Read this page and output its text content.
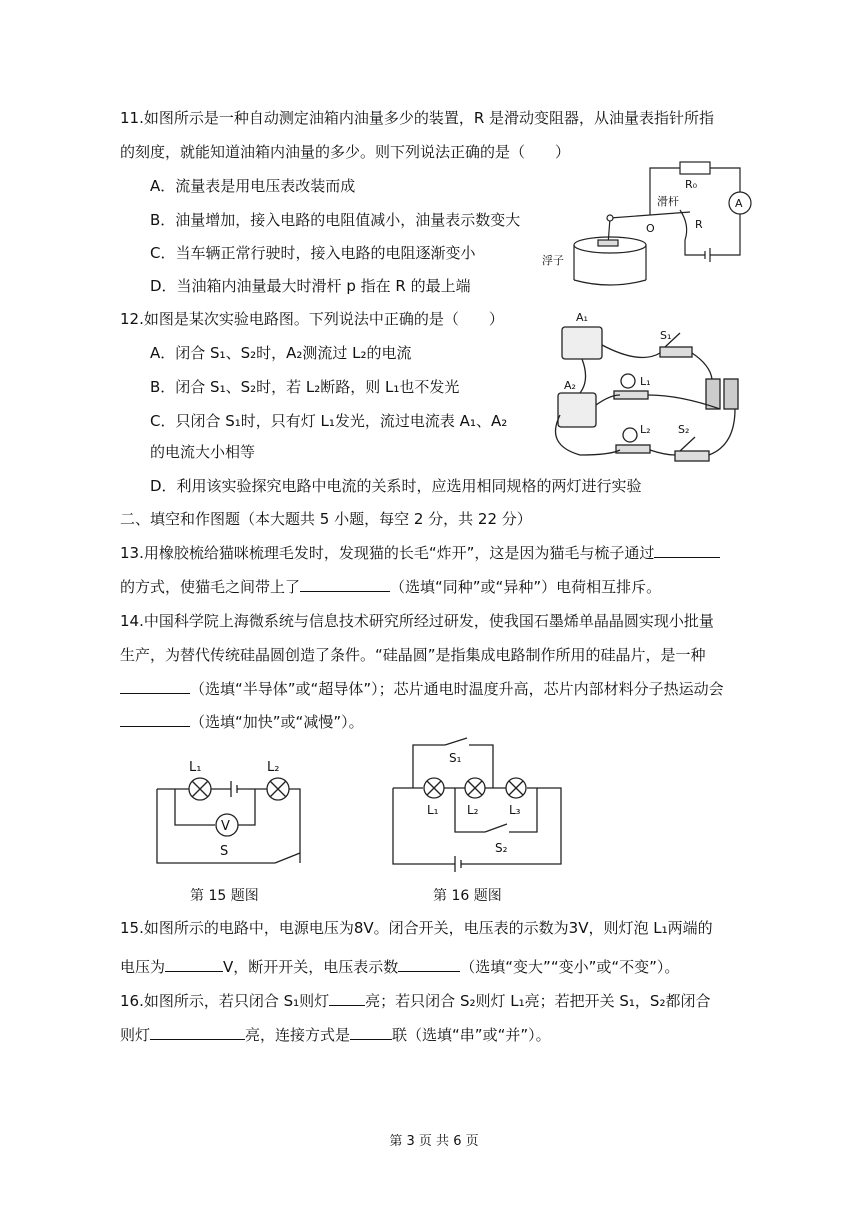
11.如图所示是一种自动测定油箱内油量多少的装置，R 是滑动变阻器，从油量表指针所指
的刻度，就能知道油箱内油量的多少。则下列说法正确的是（　　）
A．流量表是用电压表改装而成
B．油量增加，接入电路的电阻值减小，油量表示数变大
C．当车辆正常行驶时，接入电路的电阻逐渐变小
D．当油箱内油量最大时滑杆 p 指在 R 的最上端
R₀
A
滑杆
O	R
浮子
12.如图是某次实验电路图。下列说法中正确的是（　　）
A．闭合 S₁、S₂时，A₂测流过 L₂的电流
B．闭合 S₁、S₂时，若 L₂断路，则 L₁也不发光
C．只闭合 S₁时，只有灯 L₁发光，流过电流表 A₁、A₂
的电流大小相等
D．利用该实验探究电路中电流的关系时，应选用相同规格的两灯进行实验
A₁
A₂
S₁
S₂
L₁
L₂
二、填空和作图题（本大题共 5 小题，每空 2 分，共 22 分）
13.用橡胶梳给猫咪梳理毛发时，发现猫的长毛“炸开”，这是因为猫毛与梳子通过
的方式，使猫毛之间带上了	（选填“同种”或“异种”）电荷相互排斥。
14.中国科学院上海微系统与信息技术研究所经过研发，使我国石墨烯单晶晶圆实现小批量
生产，为替代传统硅晶圆创造了条件。“硅晶圆”是指集成电路制作所用的硅晶片，是一种
（选填“半导体”或“超导体”）；芯片通电时温度升高，芯片内部材料分子热运动会
（选填“加快”或“减慢”）。
L₁	L₂
V
S
第 15 题图
S₁
L₁ L₂	L₃
S₂
第 16 题图
15.如图所示的电路中，电源电压为8V。闭合开关，电压表的示数为3V，则灯泡 L₁两端的
电压为	V，断开开关，电压表示数	（选填“变大”“变小”或“不变”）。
16.如图所示，若只闭合 S₁则灯 亮；若只闭合 S₂则灯 L₁亮；若把开关 S₁，S₂都闭合
则灯	亮，连接方式是	联（选填“串”或“并”）。
第 3 页 共 6 页
